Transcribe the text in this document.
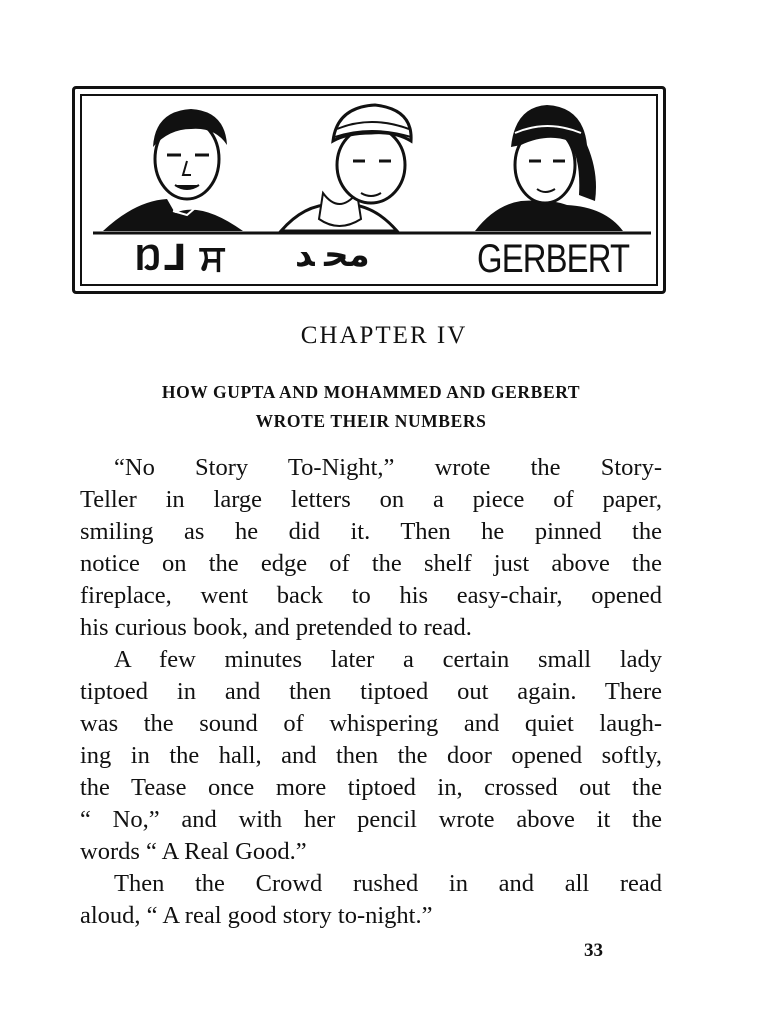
Ŋ⅃ ਸ ﻣﺤ ﺪ	GERBERT
CHAPTER IV
HOW GUPTA AND MOHAMMED AND GERBERT
WROTE THEIR NUMBERS
“No Story To-Night,” wrote the Story-
Teller in large letters on a piece of paper,
smiling as he did it. Then he pinned the
notice on the edge of the shelf just above the
fireplace, went back to his easy-chair, opened
his curious book, and pretended to read.
A few minutes later a certain small lady
tiptoed in and then tiptoed out again. There
was the sound of whispering and quiet laugh-
ing in the hall, and then the door opened softly,
the Tease once more tiptoed in, crossed out the
“ No,” and with her pencil wrote above it the
words “ A Real Good.”
Then the Crowd rushed in and all read
aloud, “ A real good story to-night.”
33
